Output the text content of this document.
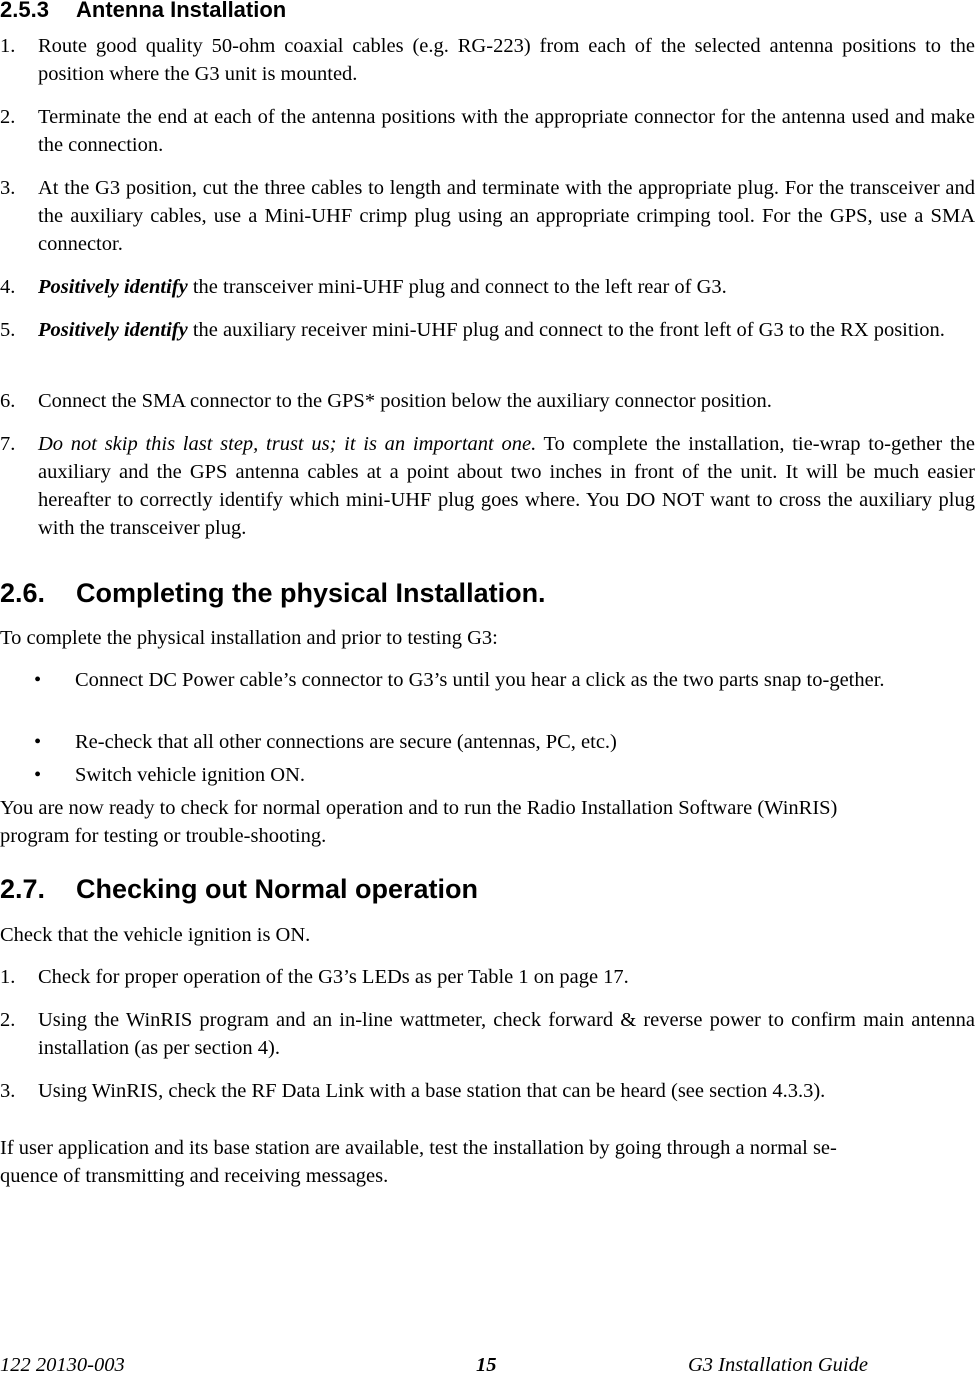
2.5.3 Antenna Installation
1. Route good quality 50-ohm coaxial cables (e.g. RG-223) from each of the selected antenna positions to the position where the G3 unit is mounted.
2. Terminate the end at each of the antenna positions with the appropriate connector for the antenna used and make the connection.
3. At the G3 position, cut the three cables to length and terminate with the appropriate plug. For the transceiver and the auxiliary cables, use a Mini-UHF crimp plug using an appropriate crimping tool. For the GPS, use a SMA connector.
4. Positively identify the transceiver mini-UHF plug and connect to the left rear of G3.
5. Positively identify the auxiliary receiver mini-UHF plug and connect to the front left of G3 to the RX position.
6. Connect the SMA connector to the GPS* position below the auxiliary connector position.
7. Do not skip this last step, trust us; it is an important one. To complete the installation, tie-wrap to-gether the auxiliary and the GPS antenna cables at a point about two inches in front of the unit. It will be much easier hereafter to correctly identify which mini-UHF plug goes where. You DO NOT want to cross the auxiliary plug with the transceiver plug.
2.6. Completing the physical Installation.
To complete the physical installation and prior to testing G3:
• Connect DC Power cable’s connector to G3’s until you hear a click as the two parts snap to-gether.
• Re-check that all other connections are secure (antennas, PC, etc.)
• Switch vehicle ignition ON.
You are now ready to check for normal operation and to run the Radio Installation Software (WinRIS)
program for testing or trouble-shooting.
2.7. Checking out Normal operation
Check that the vehicle ignition is ON.
1. Check for proper operation of the G3’s LEDs as per Table 1 on page 17.
2. Using the WinRIS program and an in-line wattmeter, check forward & reverse power to confirm main antenna installation (as per section 4).
3. Using WinRIS, check the RF Data Link with a base station that can be heard (see section 4.3.3).
If user application and its base station are available, test the installation by going through a normal se-
quence of transmitting and receiving messages.
122 20130-003	15	G3 Installation Guide
